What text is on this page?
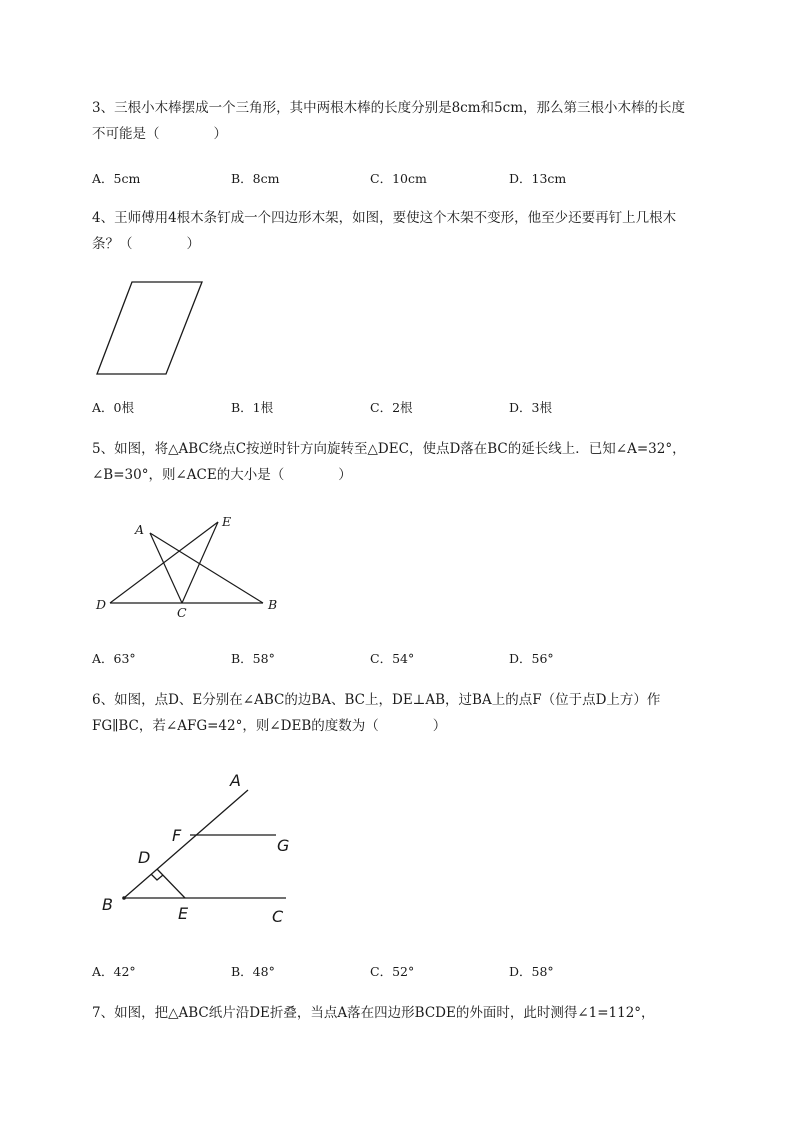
3、三根小木棒摆成一个三角形，其中两根木棒的长度分别是8cm和5cm，那么第三根小木棒的长度
不可能是（　　　　）
A．5cm	B．8cm	C．10cm	D．13cm
4、王师傅用4根木条钉成一个四边形木架，如图，要使这个木架不变形，他至少还要再钉上几根木
条？（　　　　）
A．0根	B．1根	C．2根	D．3根
5、如图，将△ABC绕点C按逆时针方向旋转至△DEC，使点D落在BC的延长线上．已知∠A=32°，
∠B=30°，则∠ACE的大小是（　　　　）
A
E
D
C
B
A．63°	B．58°	C．54°	D．56°
6、如图，点D、E分别在∠ABC的边BA、BC上，DE⊥AB，过BA上的点F（位于点D上方）作
FG∥BC，若∠AFG=42°，则∠DEB的度数为（　　　　）
A
F
G
D
B	E	C
A．42°	B．48°	C．52°	D．58°
7、如图，把△ABC纸片沿DE折叠，当点A落在四边形BCDE的外面时，此时测得∠1=112°，
